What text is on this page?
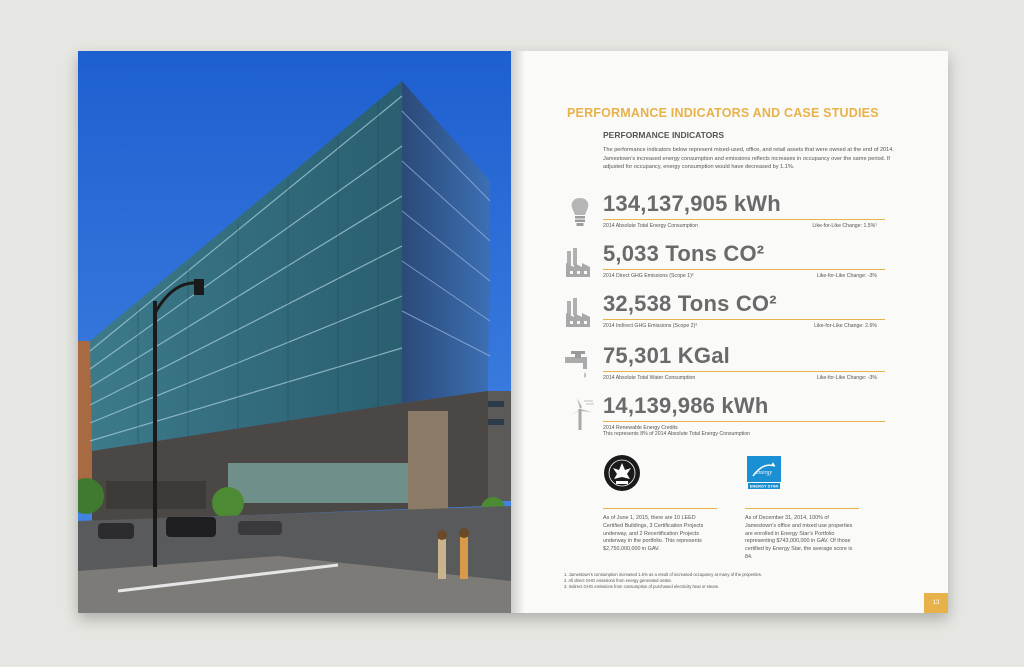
PERFORMANCE INDICATORS AND CASE STUDIES
PERFORMANCE INDICATORS
The performance indicators below represent mixed-used, office, and retail assets that were owned at the end of 2014. Jamestown’s increased energy consumption and emissions reflects increases in occupancy over the same period. If adjusted for occupancy, energy consumption would have decreased by 1.1%.
134,137,905 kWh
2014 Absolute Total Energy Consumption	Like-for-Like Change: 1.5%¹
5,033 Tons CO²
2014 Direct GHG Emissions (Scope 1)²	Like-for-Like Change: -3%
32,538 Tons CO²
2014 Indirect GHG Emissions (Scope 2)³	Like-for-Like Change: 2.6%
75,301 KGal
2014 Absolute Total Water Consumption	Like-for-Like Change: -3%
14,139,986 kWh
2014 Renewable Energy Credits
This represents 8% of 2014 Absolute Total Energy Consumption
As of June 1, 2015, there are 10 LEED Certified Buildings, 3 Certification Projects underway, and 2 Recertification Projects underway in the portfolio. This represents $2,750,000,000 in GAV.
energy
ENERGY STAR
As of December 31, 2014, 100% of Jamestown’s office and mixed use properties are enrolled in Energy Star’s Portfolio representing $743,000,000 in GAV. Of those certified by Energy Star, the average score is 84.
1. Jamestown’s consumption increased 1.5% as a result of increased occupancy at many of the properties.
2. All direct GHG emissions from energy generated onsite.
3. Indirect GHG emissions from consumption of purchased electricity heat or steam.
13
